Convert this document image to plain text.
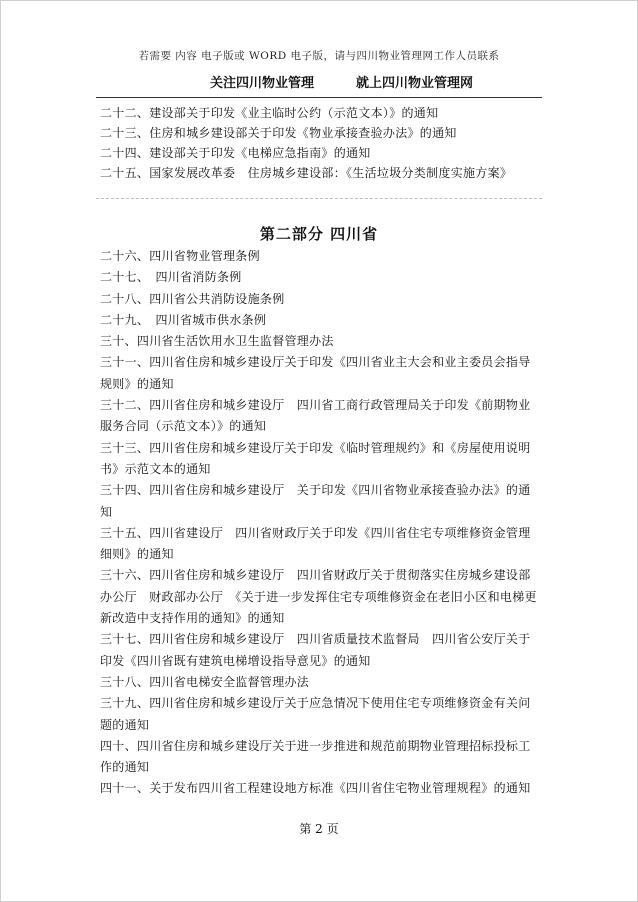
若需要 内容 电子版或 WORD 电子版，请与四川物业管理网工作人员联系
关注四川物业管理	就上四川物业管理网
二十二、建设部关于印发《业主临时公约（示范文本）》的通知
二十三、住房和城乡建设部关于印发《物业承接查验办法》的通知
二十四、建设部关于印发《电梯应急指南》的通知
二十五、国家发展改革委　住房城乡建设部：《生活垃圾分类制度实施方案》
第二部分 四川省
二十六、四川省物业管理条例
二十七、　四川省消防条例
二十八、四川省公共消防设施条例
二十九、　四川省城市供水条例
三十、四川省生活饮用水卫生监督管理办法
三十一、四川省住房和城乡建设厅关于印发《四川省业主大会和业主委员会指导规则》的通知
三十二、四川省住房和城乡建设厅　四川省工商行政管理局关于印发《前期物业服务合同（示范文本）》的通知
三十三、四川省住房和城乡建设厅关于印发《临时管理规约》和《房屋使用说明书》示范文本的通知
三十四、四川省住房和城乡建设厅　关于印发《四川省物业承接查验办法》的通知
三十五、四川省建设厅　四川省财政厅关于印发《四川省住宅专项维修资金管理细则》的通知
三十六、四川省住房和城乡建设厅　四川省财政厅关于贯彻落实住房城乡建设部办公厅　财政部办公厅　《关于进一步发挥住宅专项维修资金在老旧小区和电梯更新改造中支持作用的通知》的通知
三十七、四川省住房和城乡建设厅　四川省质量技术监督局　四川省公安厅关于印发《四川省既有建筑电梯增设指导意见》的通知
三十八、四川省电梯安全监督管理办法
三十九、四川省住房和城乡建设厅关于应急情况下使用住宅专项维修资金有关问题的通知
四十、四川省住房和城乡建设厅关于进一步推进和规范前期物业管理招标投标工作的通知
四十一、关于发布四川省工程建设地方标准《四川省住宅物业管理规程》的通知
第 2 页
